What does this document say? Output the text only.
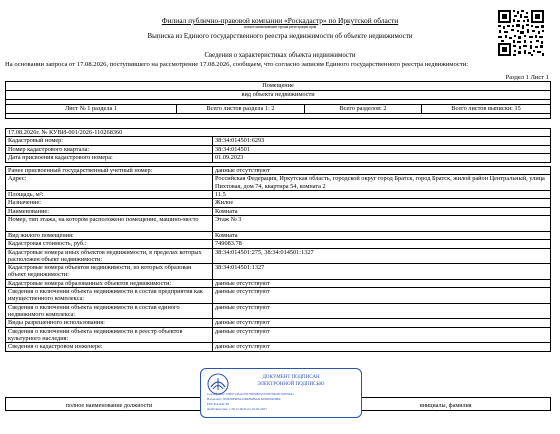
Филиал публично-правовой компании «Роскадастр» по Иркутской области
полное наименование органа регистрации прав
Выписка из Единого государственного реестра недвижимости об объекте недвижимости
Сведения о характеристиках объекта недвижимости
На основании запроса от 17.08.2026, поступившего на рассмотрение 17.08.2026, сообщаем, что согласно записям Единого государственного реестра недвижимости:
Раздел 1 Лист 1
Помещение
вид объекта недвижимости

Лист № 1 раздела 1	Всего листов раздела 1: 2	Всего разделов: 2	Всего листов выписки: 15

17.08.2026г. № КУВИ-001/2026-110268360	
Кадастровый номер:	38:34:014501:6293
Номер кадастрового квартала:	38:34:014501
Дата присвоения кадастрового номера:	01.09.2023
Ранее присвоенный государственный учетный номер:	данные отсутствуют
Адрес:	Российская Федерация, Иркутская область, городской округ город Братск, город Братск, жилой район Центральный, улица Пихтовая, дом 74, квартира 54, комната 2
Площадь, м²:	11.5
Назначение:	Жилое
Наименование:	Комната
Номер, тип этажа, на котором расположено помещение, машино-место	Этаж № 3
Вид жилого помещения:	Комната
Кадастровая стоимость, руб.:	749083.78
Кадастровые номера иных объектов недвижимости, в пределах которых расположен объект недвижимости:	38:34:014501:275, 38:34:014501:1327
Кадастровые номера объектов недвижимости, из которых образован объект недвижимости:	38:34:014501:1327
Кадастровые номера образованных объектов недвижимости:	данные отсутствуют
Сведения о включении объекта недвижимости в состав предприятия как имущественного комплекса:	данные отсутствуют
Сведения о включении объекта недвижимости в состав единого недвижимого комплекса:	данные отсутствуют
Виды разрешенного использования:	данные отсутствуют
Сведения о включении объекта недвижимости в реестр объектов культурного наследия:	данные отсутствуют
Сведения о кадастровом инженере:	данные отсутствуют
полное наименование должности		инициалы, фамилия
ДОКУМЕНТ ПОДПИСАН
ЭЛЕКТРОННОЙ ПОДПИСЬЮ
Сертификат: 0399714b1047979990005333395b400010978441
Владелец: ПУБЛИЧНО-ПРАВОВАЯ КОМПАНИЯ
РОСКАДАСТР
Действителен: с 26.12.2025 по 19.03.2027
